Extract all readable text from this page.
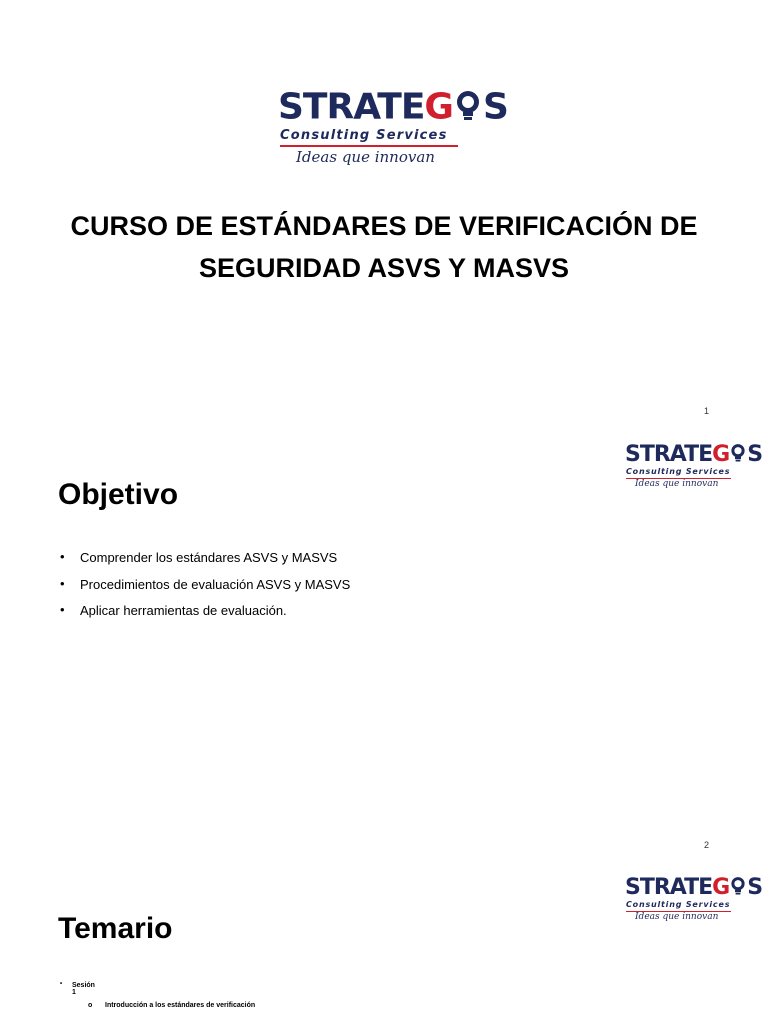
STRATEG S
Consulting Services
Ideas que innovan
CURSO DE ESTÁNDARES DE VERIFICACIÓN DE
SEGURIDAD ASVS Y MASVS
1
STRATEG S
Consulting Services
Ideas que innovan
Objetivo
• Comprender los estándares ASVS y MASVS
• Procedimientos de evaluación ASVS y MASVS
• Aplicar herramientas de evaluación.
2
STRATEG S
Consulting Services
Ideas que innovan
Temario
• Sesión 1
o Introducción a los estándares de verificación
